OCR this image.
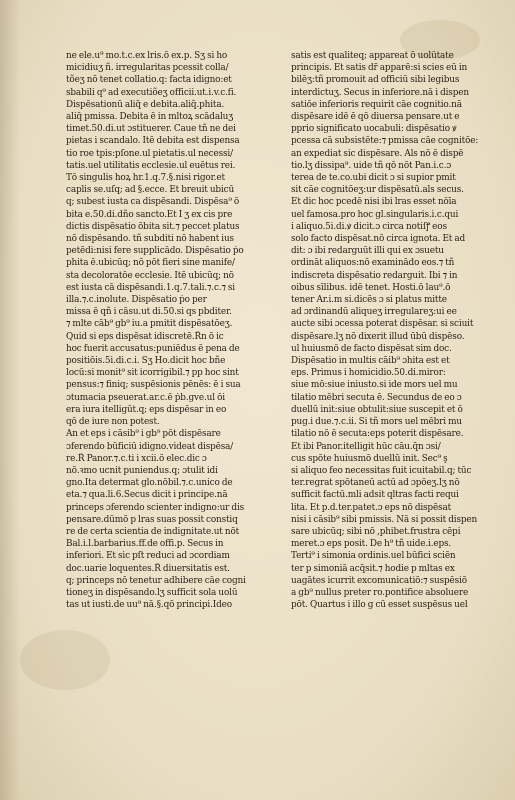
ne ele.u⁹ mo.t.c.ex lris.ō ex.p. Sʒ si ho
micidiuʒ ñ. irregularitas pcessit colla/
tõeʒ nō tenet collatio.q: facta idigno:et
sbabili q⁹ ad executiõeʒ officii.ut.i.v.c.fi.
Dispēsationū aliq̄ e debita.aliq̄.phita.
aliq̄ pmissa. Debita ē in mltoꝝ scādaluʒ
timet.50.di.ut ɔstituerer. Caue tñ ne dei
pietas i scandalo. Itē debita est dispensa
tio roe tpis:pſone.ul pietatis.ul necessi/
tatis.uel utilitatis ecclesie.ul euētus rei.
Tō singulis hoꝝ hr.1.q.7.§.nisi rigor.et
caplis se.uſq; ad §.ecce. Et breuit ubicū
q; subest iusta ca dispēsandi. Dispēsa⁹ ō
bita e.50.di.dño sancto.Et I ʒ ex cis pre
dictis dispēsatio ōbita sit.⁊ peccet platus
nō dispēsando. tñ subditi nō habent ius
petēdi:nisi fere supplicādo. Dispēsatio ṗo
phita ē.ubicūq; nō pōt fieri sine manife/
sta decoloratōe ecclesie. Itē ubicūq; nō
est iusta cā dispēsandi.1.q.7.tali.⁊.c.⁊ si
illa.⁊.c.inolute. Dispēsatio ṗo per
missa ē qñ i cāsu.ut di.50.si qs pbditer.
⁊ mlte cāb⁹ gb⁹ iu.a pmitit dispēsatōeʒ.
Quid si eps dispēsat idiscretē.R̃n ō ic
hoc fuerit accusatus:puniēdus ē pena de
positiōis.5i.di.c.i. Sʒ Ho.dicit hoc bñe
locū:si monit⁹ sit icorrigibil.⁊ pp hoc sint
pensus:⁊ finiq; suspēsionis pēnēs: ē i sua
ɔtumacia pseuerat.ar.c.ē ṗb.gve.ul ōi
era iura itelligūt.q; eps dispēsar in eo
qō de iure non potest.
An et eps i cāsib⁹ i gb⁹ pōt dispēsare
ɔferendo būficiū idigno.videat dispēsa/
re.R̃ Panor.⁊.c.ti i xcii.ō elec.dic ɔ
nō.ꝛmo ucnit puniendus.q; ɔtulit idi
gno.Ita determat glo.nōbil.⁊.c.unico de
eta.⁊ qua.li.6.Secus dicit i principe.nā
princeps ɔferendo scienter indigno:ur dis
pensare.dūmō p lras suas possit constiq
re de certa scientia de indignitate.ut nōt
Bal.i.l.barbarius.ff.de offi.p. Secus in
inferiori. Et sic pſt reduci ad ɔcordiam
doc.uarie loquentes.R̃ diuersitatis est.
q; princeps nō tenetur adhibere cāe cogni
tioneʒ in dispēsando.lʒ sufficit sola uolū
tas ut iusti.de uu⁹ nā.§.qō principi.Ideo
satis est qualiteq; appareat ō uolūtate
principis. Et satis dr̃ apparē:si scies eū in
bilēʒ:tñ promouit ad officiū sibi legibus
interdictuʒ. Secus in inferiore.nā i dispen
satiōe inferioris requirit cāe cognitio.nā
dispēsare idē ē qō diuersa pensare.ut e
pprio significato uocabuli: dispēsatio ꝟ
pcessa cā subsistēte:⁊ pmissa cāe cognitōe:
an expediat sic dispēsare. Als nō ē dispē
tio.lʒ dissipa⁹. uide tñ qō nōt Pan.i.c.ɔ
terea de te.co.ubi dicit ɔ si supior pmit
sit cāe cognitōeʒ:ur dispēsatū.als secus.
Et dic hoc pcedē nisi ibi lras esset nōīa
uel famosa.pro hoc gl.singularis.i.c.qui
i aliquo.5i.di.ꝟ dicit.ɔ circa notiſꝭ eos
solo facto dispēsat.nō circa ignota. Et ad
dit: ɔ ibi redarguūt illi qui ex ɔsuetu
ordināt aliquos:nō examinādo eos.⁊ tñ
indiscreta dispēsatio redarguit. Ibi ⁊ in
oibus sīlibus. idē tenet. Hosti.ō lau⁹.ō
tener Ar.i.m si.dicēs ɔ si platus mitte
ad ɔrdinandū aliqueʒ irregulareʒ:ui ee
aucte sibi ɔcessa poterat dispēsar. si sciuit
dispēsare.lʒ nō dixerit illud ūbū dispēso.
ul huiusmō de facto dispēsat sim doc.
Dispēsatio in multis cāib⁹ ɔhita est et
eps. Primus i homicidio.50.di.miror:
siue mō:siue iniusto.si ide mors uel mu
tilatio mēbri secuta ē. Secundus de eo ɔ
duellū init:siue obtulit:siue suscepit et ō
pug.i due.⁊.c.ii. Si tñ mors uel mēbri mu
tilatio nō ē secuta:eps poterit dispēsare.
Et ibi Panor.itelligit hūc cāu.q̄n ɔsi/
cus spōte huiusmō duellū init. Sec⁹ ş
si aliquo feo necessitas fuit icuitabil.q; tūc
ter.regrat spōtaneū actū ad ɔpōeʒ.lʒ nō
sufficit factū.mli adsit qltras facti requi
lita. Et p.d.ter.patet.ɔ eps nō dispēsat
nisi i cāsib⁹ sibi pmissis. Nā si possit dispen
sare ubicūq; sibi nō ,phibet.frustra cēpi
meret.ɔ eps posit. De h⁹ tñ uide.i.eps.
Terti⁹ i simonia ordinis.uel būfici sciēn
ter p simoniā acq̄sit.⁊ hodie p mltas ex
uagātes icurrit excomunicatiō:⁊ suspēsiō
a gb⁹ nullus preter ro.pontifice absoluere
pōt. Quartus i illo g cū esset suspēsus uel
